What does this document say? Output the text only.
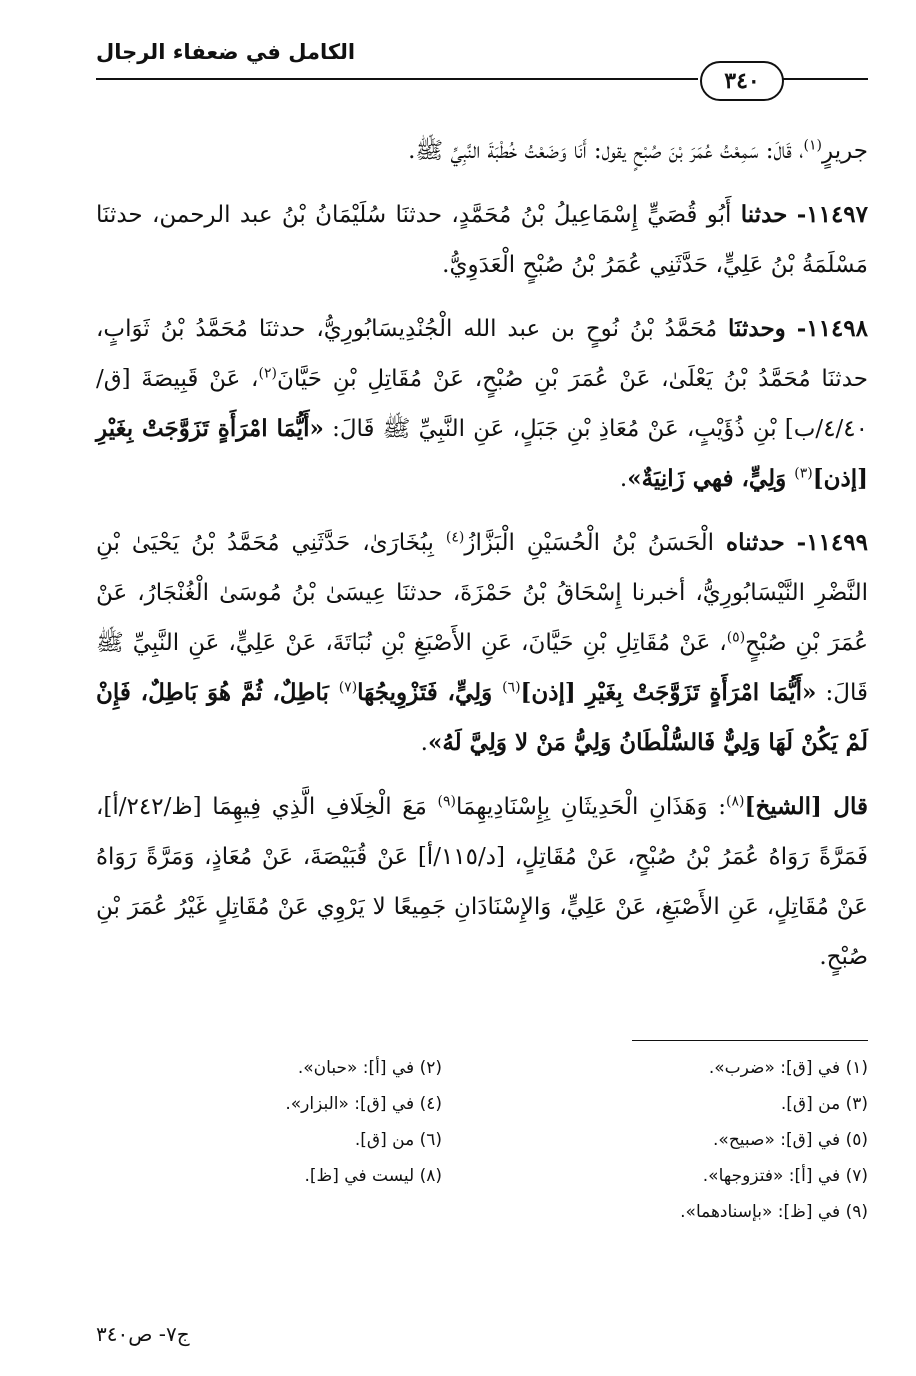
الكامل في ضعفاء الرجال
٣٤٠

جريرٍ$^{(١)}$، قَالَ: سَمِعْتُ عُمَرَ بْنَ صُبْحٍ يقول: أَنَا وَضَعْتُ خُطْبَةَ النَّبِيِّ ﷺ.

١١٤٩٧- حدثنا أَبُو قُصَيٍّ إِسْمَاعِيلُ بْنُ مُحَمَّدٍ، حدثنَا سُلَيْمَانُ بْنُ عبد الرحمن، حدثنَا مَسْلَمَةُ بْنُ عَلِيٍّ، حَدَّثَنِي عُمَرُ بْنُ صُبْحٍ الْعَدَوِيُّ.

١١٤٩٨- وحدثنَا مُحَمَّدُ بْنُ نُوحٍ بن عبد الله الْجُنْدِيسَابُورِيُّ، حدثنَا مُحَمَّدُ بْنُ ثَوَابٍ، حدثنَا مُحَمَّدُ بْنُ يَعْلَىٰ، عَنْ عُمَرَ بْنِ صُبْحٍ، عَنْ مُقَاتِلِ بْنِ حَيَّانَ$^{(٢)}$، عَنْ قَبِيصَةَ [ق/٤/٤٠/ب] بْنِ ذُؤَيْبٍ، عَنْ مُعَاذِ بْنِ جَبَلٍ، عَنِ النَّبِيِّ ﷺ قَالَ: «أَيُّمَا امْرَأَةٍ تَزَوَّجَتْ بِغَيْرِ [إذن]$^{(٣)}$ وَلِيٍّ، فهي زَانِيَةٌ».

١١٤٩٩- حدثناه الْحَسَنُ بْنُ الْحُسَيْنِ الْبَزَّازُ$^{(٤)}$ بِبُخَارَىٰ، حَدَّثَنِي مُحَمَّدُ بْنُ يَحْيَىٰ بْنِ النَّضْرِ النَّيْسَابُورِيُّ، أخبرنا إِسْحَاقُ بْنُ حَمْزَةَ، حدثنَا عِيسَىٰ بْنُ مُوسَىٰ الْغُنْجَارُ، عَنْ عُمَرَ بْنِ صُبْحٍ$^{(٥)}$، عَنْ مُقَاتِلِ بْنِ حَيَّانَ، عَنِ الأَصْبَغِ بْنِ نُبَاتَةَ، عَنْ عَلِيٍّ، عَنِ النَّبِيِّ ﷺ قَالَ: «أَيُّمَا امْرَأَةٍ تَزَوَّجَتْ بِغَيْرِ [إذن]$^{(٦)}$ وَلِيٍّ، فَتَزْوِيجُهَا$^{(٧)}$ بَاطِلٌ، ثُمَّ هُوَ بَاطِلٌ، فَإِنْ لَمْ يَكُنْ لَهَا وَلِيٌّ فَالسُّلْطَانُ وَلِيُّ مَنْ لا وَلِيَّ لَهُ».

قال [الشيخ]$^{(٨)}$: وَهَذَانِ الْحَدِيثَانِ بِإِسْنَادِيهِمَا$^{(٩)}$ مَعَ الْخِلَافِ الَّذِي فِيهِمَا [ظ/٢٤٢/أ]، فَمَرَّةً رَوَاهُ عُمَرُ بْنُ صُبْحٍ، عَنْ مُقَاتِلٍ، [د/١١٥/أ] عَنْ قُبَيْصَةَ، عَنْ مُعَاذٍ، وَمَرَّةً رَوَاهُ عَنْ مُقَاتِلٍ، عَنِ الأَصْبَغِ، عَنْ عَلِيٍّ، وَالإِسْنَادَانِ جَمِيعًا لا يَرْوِي عَنْ مُقَاتِلٍ غَيْرُ عُمَرَ بْنِ صُبْحٍ.

(١) في [ق]: «ضرب».
(٢) في [أ]: «حبان».
(٣) من [ق].
(٤) في [ق]: «البزار».
(٥) في [ق]: «صبيح».
(٦) من [ق].
(٧) في [أ]: «فتزوجها».
(٨) ليست في [ظ].
(٩) في [ظ]: «بإسنادهما».
ج٧- ص٣٤٠
